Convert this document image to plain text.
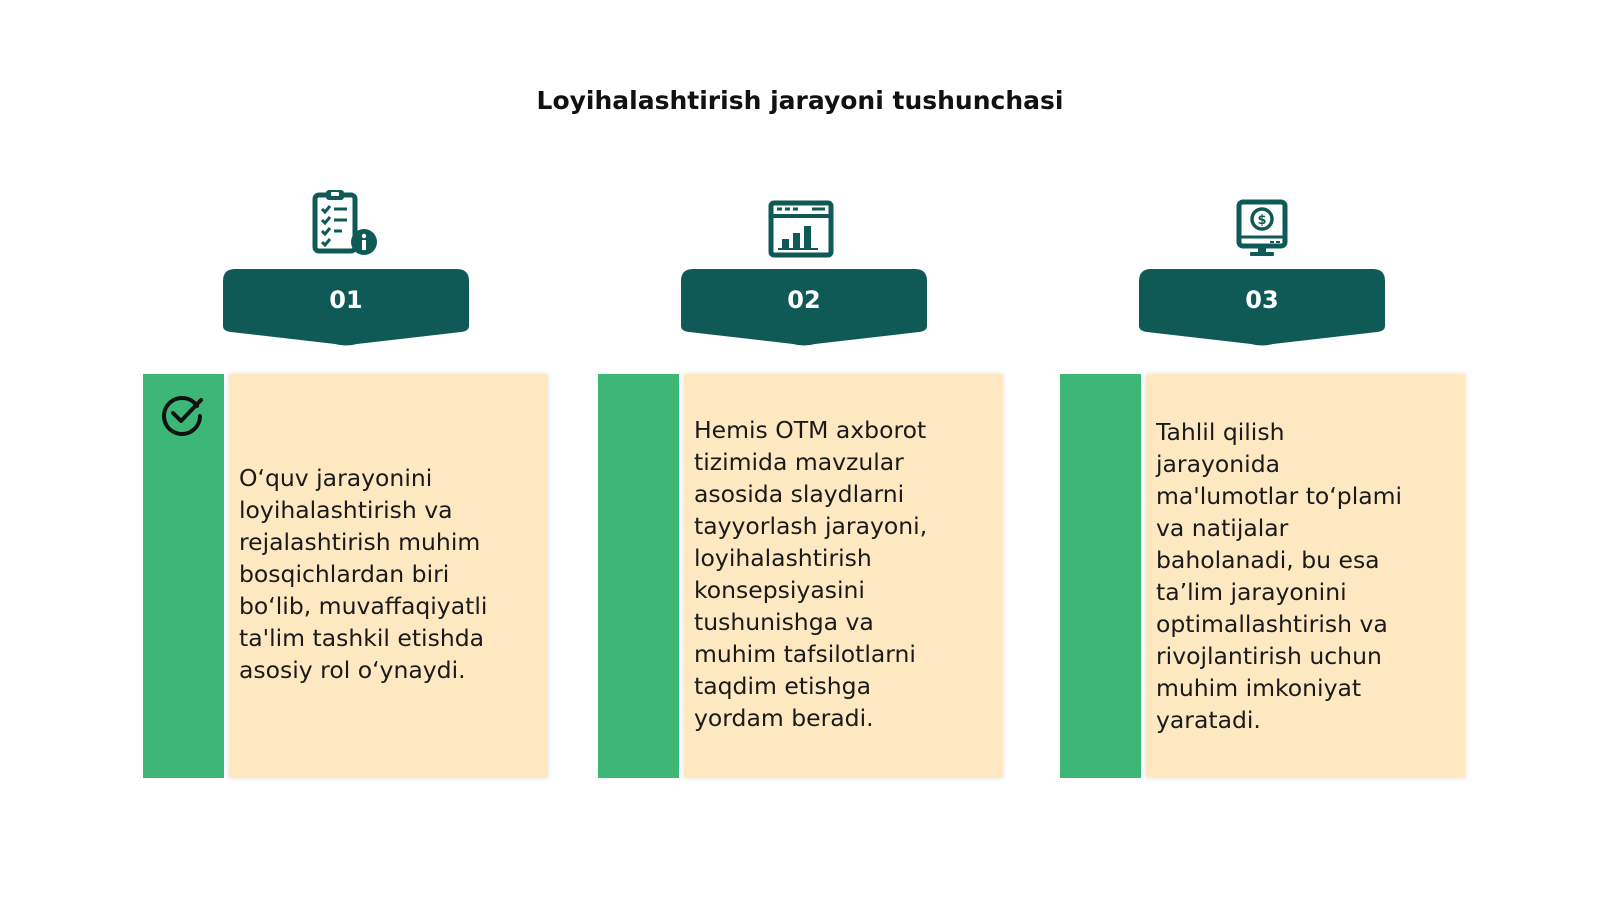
Loyihalashtirish jarayoni tushunchasi
$
01	02	03
O‘quv jarayonini
loyihalashtirish va
rejalashtirish muhim
bosqichlardan biri
bo‘lib, muvaffaqiyatli
ta'lim tashkil etishda
asosiy rol o‘ynaydi.
Hemis OTM axborot
tizimida mavzular
asosida slaydlarni
tayyorlash jarayoni,
loyihalashtirish
konsepsiyasini
tushunishga va
muhim tafsilotlarni
taqdim etishga
yordam beradi.
Tahlil qilish
jarayonida
ma'lumotlar to‘plami
va natijalar
baholanadi, bu esa
ta’lim jarayonini
optimallashtirish va
rivojlantirish uchun
muhim imkoniyat
yaratadi.
